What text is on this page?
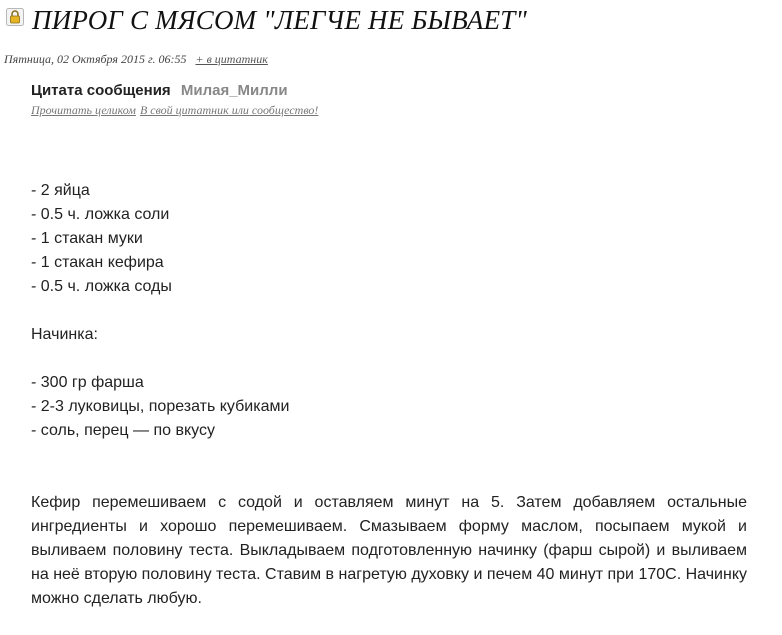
ПИРОГ С МЯСОМ "ЛЕГЧЕ НЕ БЫВАЕТ"
Пятница, 02 Октября 2015 г. 06:55 + в цитатник
Цитата сообщения Милая_Милли
Прочитать целиком В свой цитатник или сообщество!
- 2 яйца
- 0.5 ч. ложка соли
- 1 стакан муки
- 1 стакан кефира
- 0.5 ч. ложка соды
Начинка:
- 300 гр фарша
- 2-3 луковицы, порезать кубиками
- соль, перец — по вкусу
Кефир перемешиваем с содой и оставляем минут на 5. Затем добавляем остальные ингредиенты и хорошо перемешиваем. Смазываем форму маслом, посыпаем мукой и выливаем половину теста. Выкладываем подготовленную начинку (фарш сырой) и выливаем на неё вторую половину теста. Ставим в нагретую духовку и печем 40 минут при 170С. Начинку можно сделать любую.
